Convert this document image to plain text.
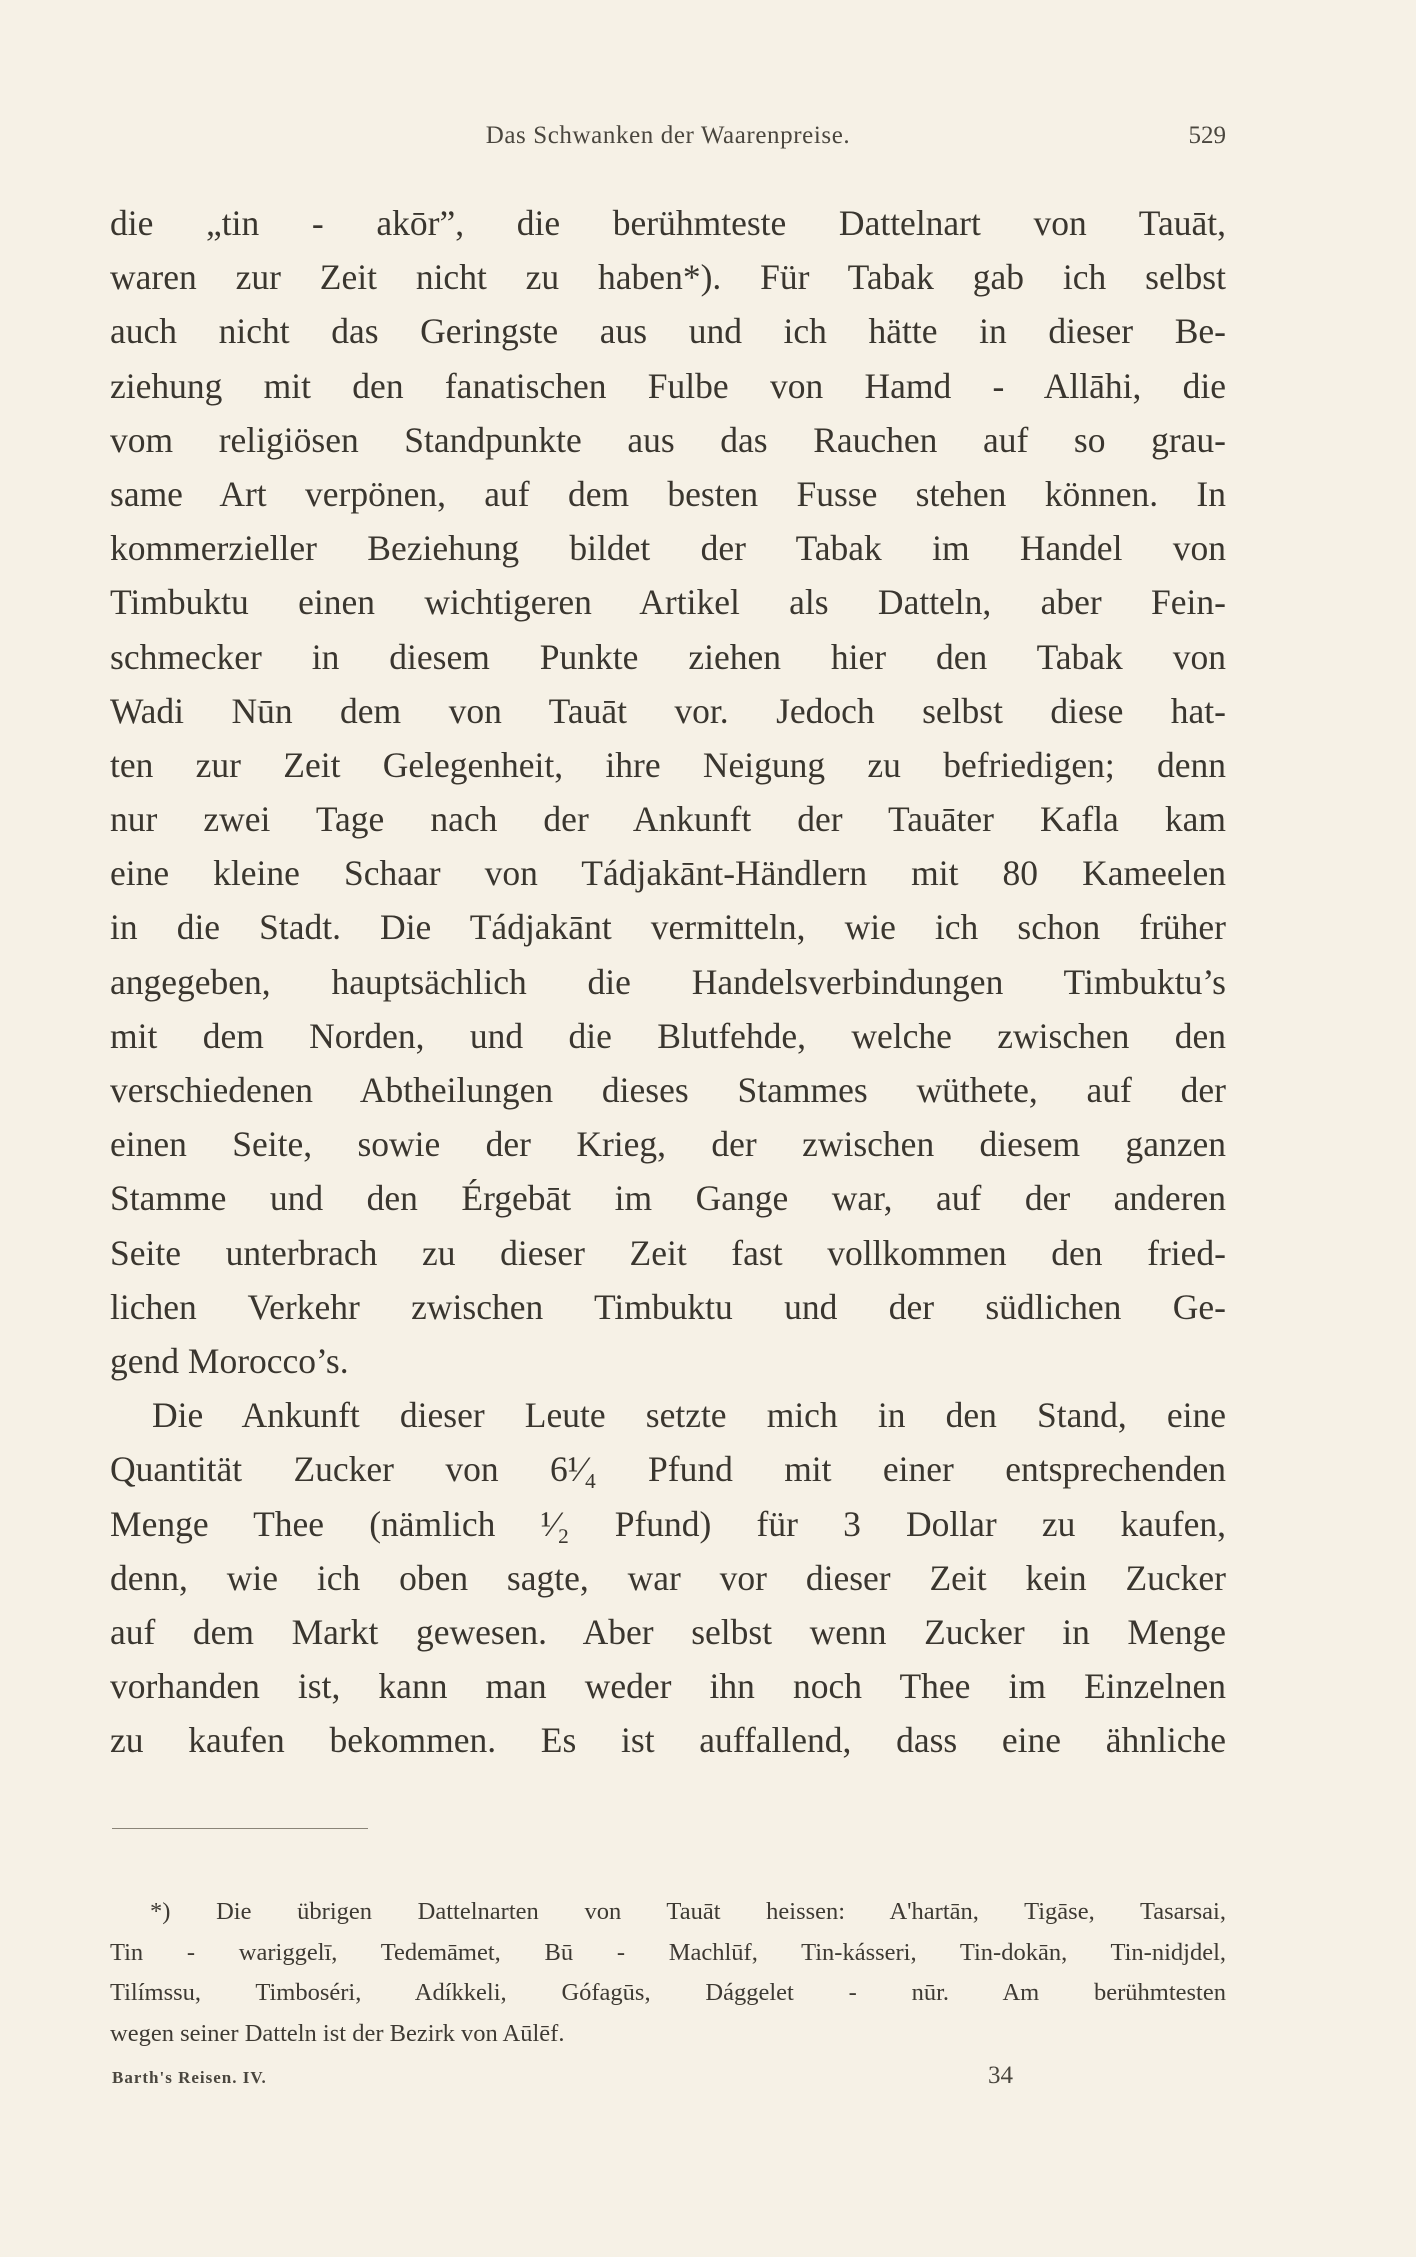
Das Schwanken der Waarenpreise.	529
die „tin - akōr”, die berühmteste Dattelnart von Tauāt,
waren zur Zeit nicht zu haben*). Für Tabak gab ich selbst
auch nicht das Geringste aus und ich hätte in dieser Be-
ziehung mit den fanatischen Fulbe von Hamd - Allāhi, die
vom religiösen Standpunkte aus das Rauchen auf so grau-
same Art verpönen, auf dem besten Fusse stehen können. In
kommerzieller Beziehung bildet der Tabak im Handel von
Timbuktu einen wichtigeren Artikel als Datteln, aber Fein-
schmecker in diesem Punkte ziehen hier den Tabak von
Wadi Nūn dem von Tauāt vor. Jedoch selbst diese hat-
ten zur Zeit Gelegenheit, ihre Neigung zu befriedigen; denn
nur zwei Tage nach der Ankunft der Tauāter Kafla kam
eine kleine Schaar von Tádjakānt-Händlern mit 80 Kameelen
in die Stadt. Die Tádjakānt vermitteln, wie ich schon früher
angegeben, hauptsächlich die Handelsverbindungen Timbuktu’s
mit dem Norden, und die Blutfehde, welche zwischen den
verschiedenen Abtheilungen dieses Stammes wüthete, auf der
einen Seite, sowie der Krieg, der zwischen diesem ganzen
Stamme und den Érgebāt im Gange war, auf der anderen
Seite unterbrach zu dieser Zeit fast vollkommen den fried-
lichen Verkehr zwischen Timbuktu und der südlichen Ge-
gend Morocco’s.
Die Ankunft dieser Leute setzte mich in den Stand, eine
Quantität Zucker von 6¹⁄₄ Pfund mit einer entsprechenden
Menge Thee (nämlich ¹⁄₂ Pfund) für 3 Dollar zu kaufen,
denn, wie ich oben sagte, war vor dieser Zeit kein Zucker
auf dem Markt gewesen. Aber selbst wenn Zucker in Menge
vorhanden ist, kann man weder ihn noch Thee im Einzelnen
zu kaufen bekommen. Es ist auffallend, dass eine ähnliche
*) Die übrigen Dattelnarten von Tauāt heissen: A'hartān, Tigāse, Tasarsai,
Tin - wariggelī, Tedemāmet, Bū - Machlūf, Tin-kásseri, Tin-dokān, Tin-nidjdel,
Tilímssu, Timboséri, Adíkkeli, Gófagūs, Dággelet - nūr. Am berühmtesten
wegen seiner Datteln ist der Bezirk von Aūlēf.
Barth's Reisen. IV.	34
